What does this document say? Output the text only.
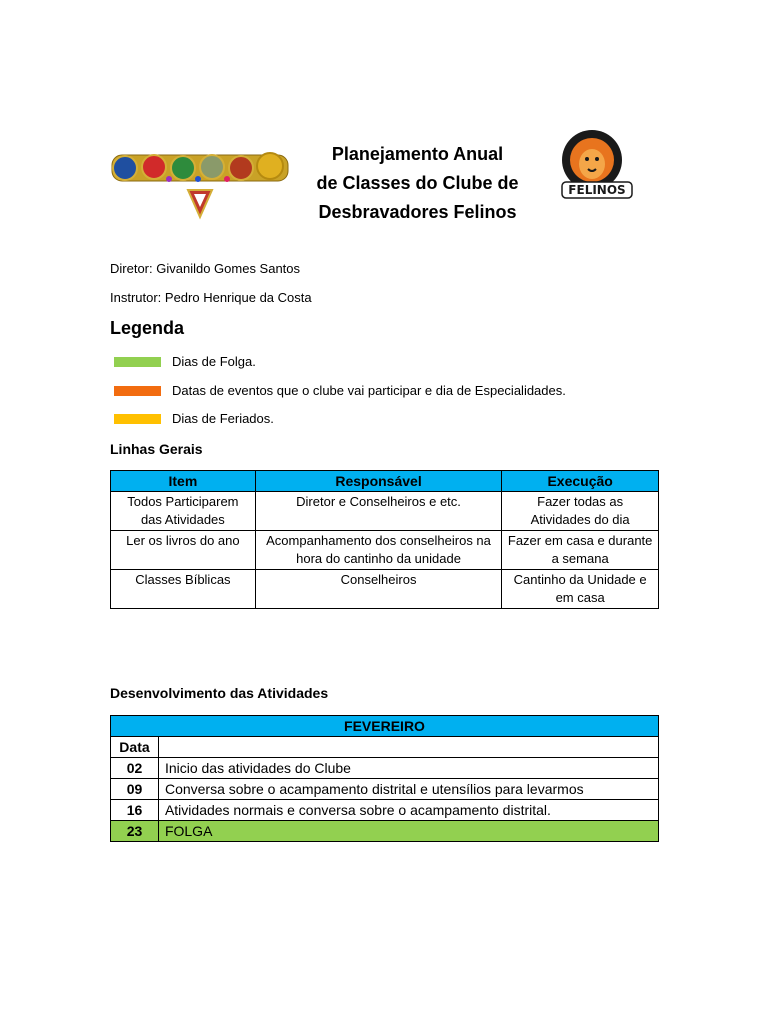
Planejamento Anual
de Classes do Clube de
Desbravadores Felinos
FELINOS
Diretor: Givanildo Gomes Santos
Instrutor: Pedro Henrique da Costa
Legenda
Dias de Folga.
Datas de eventos que o clube vai participar e dia de Especialidades.
Dias de Feriados.
Linhas Gerais
Item	Responsável	Execução
Todos Participarem das Atividades	Diretor e Conselheiros e etc.	Fazer todas as Atividades do dia
Ler os livros do ano	Acompanhamento dos conselheiros na hora do cantinho da unidade	Fazer em casa e durante a semana
Classes Bíblicas	Conselheiros	Cantinho da Unidade e em casa
Desenvolvimento das Atividades
FEVEREIRO	
Data	
02	Inicio das atividades do Clube
09	Conversa sobre o acampamento distrital e utensílios para levarmos
16	Atividades normais e conversa sobre o acampamento distrital.
23	FOLGA
